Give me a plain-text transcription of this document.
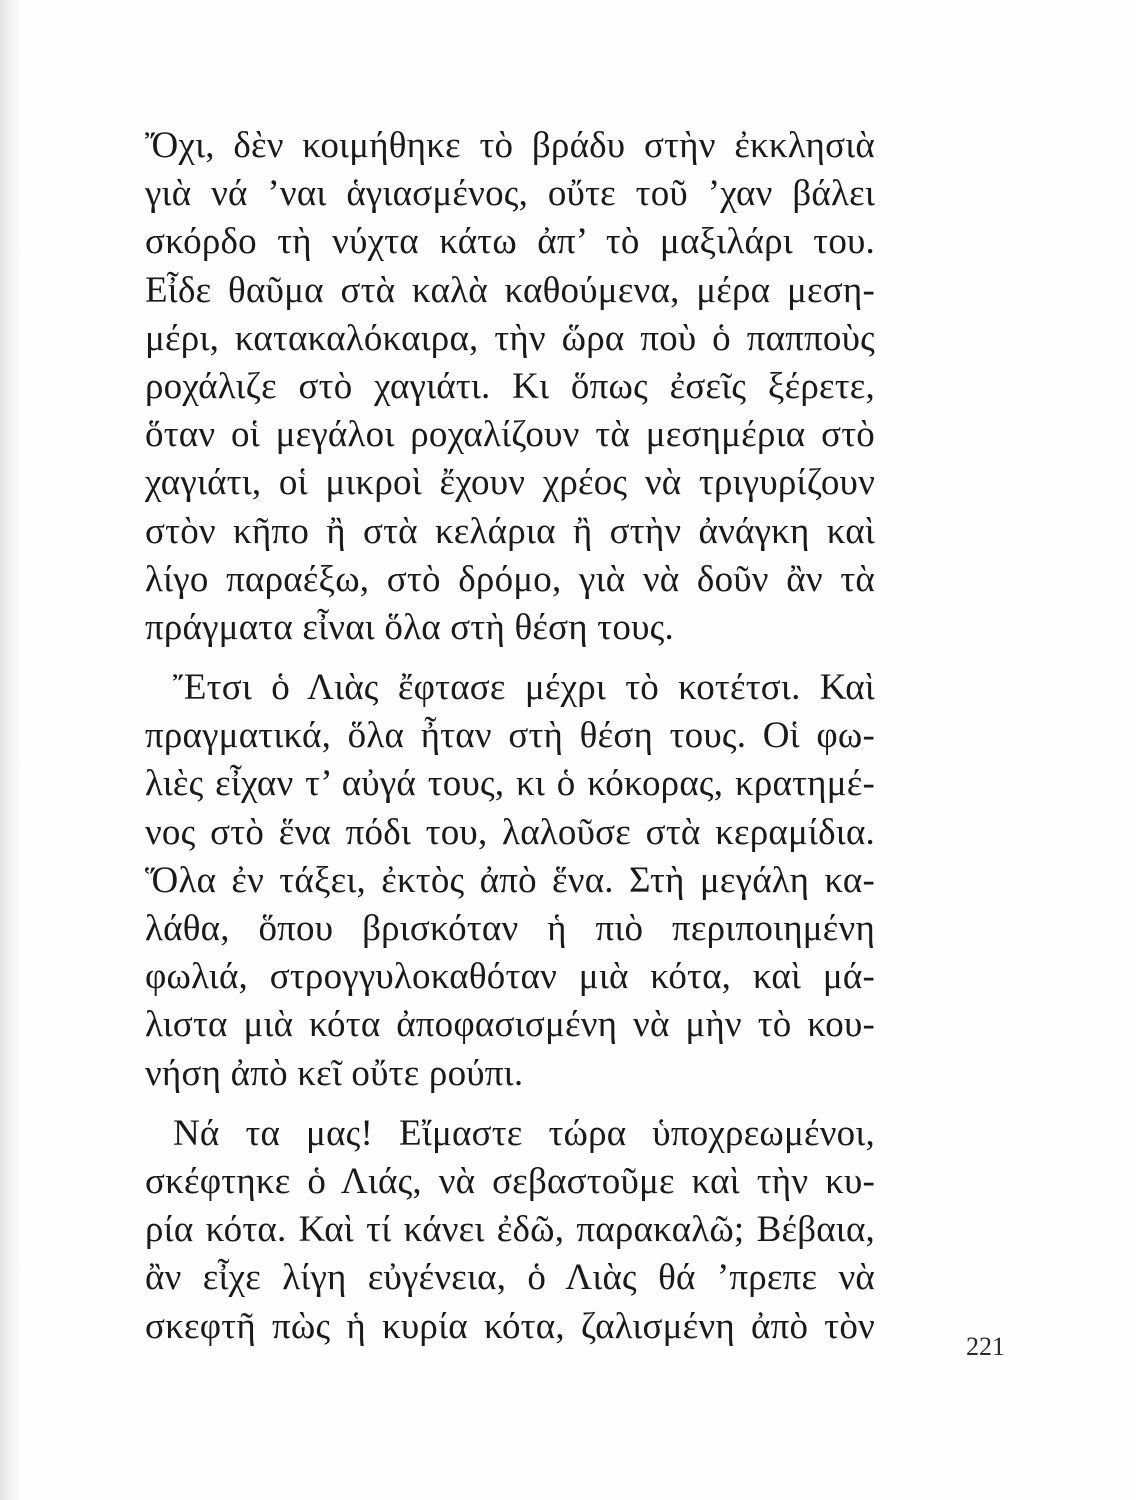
Ὄχι, δὲν κοιμήθηκε τὸ βράδυ στὴν ἐκκλησιὰ
γιὰ νά ’ναι ἁγιασμένος, οὔτε τοῦ ’χαν βάλει
σκόρδο τὴ νύχτα κάτω ἀπ’ τὸ μαξιλάρι του.
Εἶδε θαῦμα στὰ καλὰ καθούμενα, μέρα μεση-
μέρι, κατακαλόκαιρα, τὴν ὥρα ποὺ ὁ παπποὺς
ροχάλιζε στὸ χαγιάτι. Κι ὅπως ἐσεῖς ξέρετε,
ὅταν οἱ μεγάλοι ροχαλίζουν τὰ μεσημέρια στὸ
χαγιάτι, οἱ μικροὶ ἔχουν χρέος νὰ τριγυρίζουν
στὸν κῆπο ἢ στὰ κελάρια ἢ στὴν ἀνάγκη καὶ
λίγο παραέξω, στὸ δρόμο, γιὰ νὰ δοῦν ἂν τὰ
πράγματα εἶναι ὅλα στὴ θέση τους.
Ἔτσι ὁ Λιὰς ἔφτασε μέχρι τὸ κοτέτσι. Καὶ
πραγματικά, ὅλα ἦταν στὴ θέση τους. Οἱ φω-
λιὲς εἶχαν τ’ αὐγά τους, κι ὁ κόκορας, κρατημέ-
νος στὸ ἕνα πόδι του, λαλοῦσε στὰ κεραμίδια.
Ὅλα ἐν τάξει, ἐκτὸς ἀπὸ ἕνα. Στὴ μεγάλη κα-
λάθα, ὅπου βρισκόταν ἡ πιὸ περιποιημένη
φωλιά, στρογγυλοκαθόταν μιὰ κότα, καὶ μά-
λιστα μιὰ κότα ἀποφασισμένη νὰ μὴν τὸ κου-
νήση ἀπὸ κεῖ οὔτε ρούπι.
Νά τα μας! Εἴμαστε τώρα ὑποχρεωμένοι,
σκέφτηκε ὁ Λιάς, νὰ σεβαστοῦμε καὶ τὴν κυ-
ρία κότα. Καὶ τί κάνει ἐδῶ, παρακαλῶ; Βέβαια,
ἂν εἶχε λίγη εὐγένεια, ὁ Λιὰς θά ’πρεπε νὰ
σκεφτῆ πὼς ἡ κυρία κότα, ζαλισμένη ἀπὸ τὸν	221
